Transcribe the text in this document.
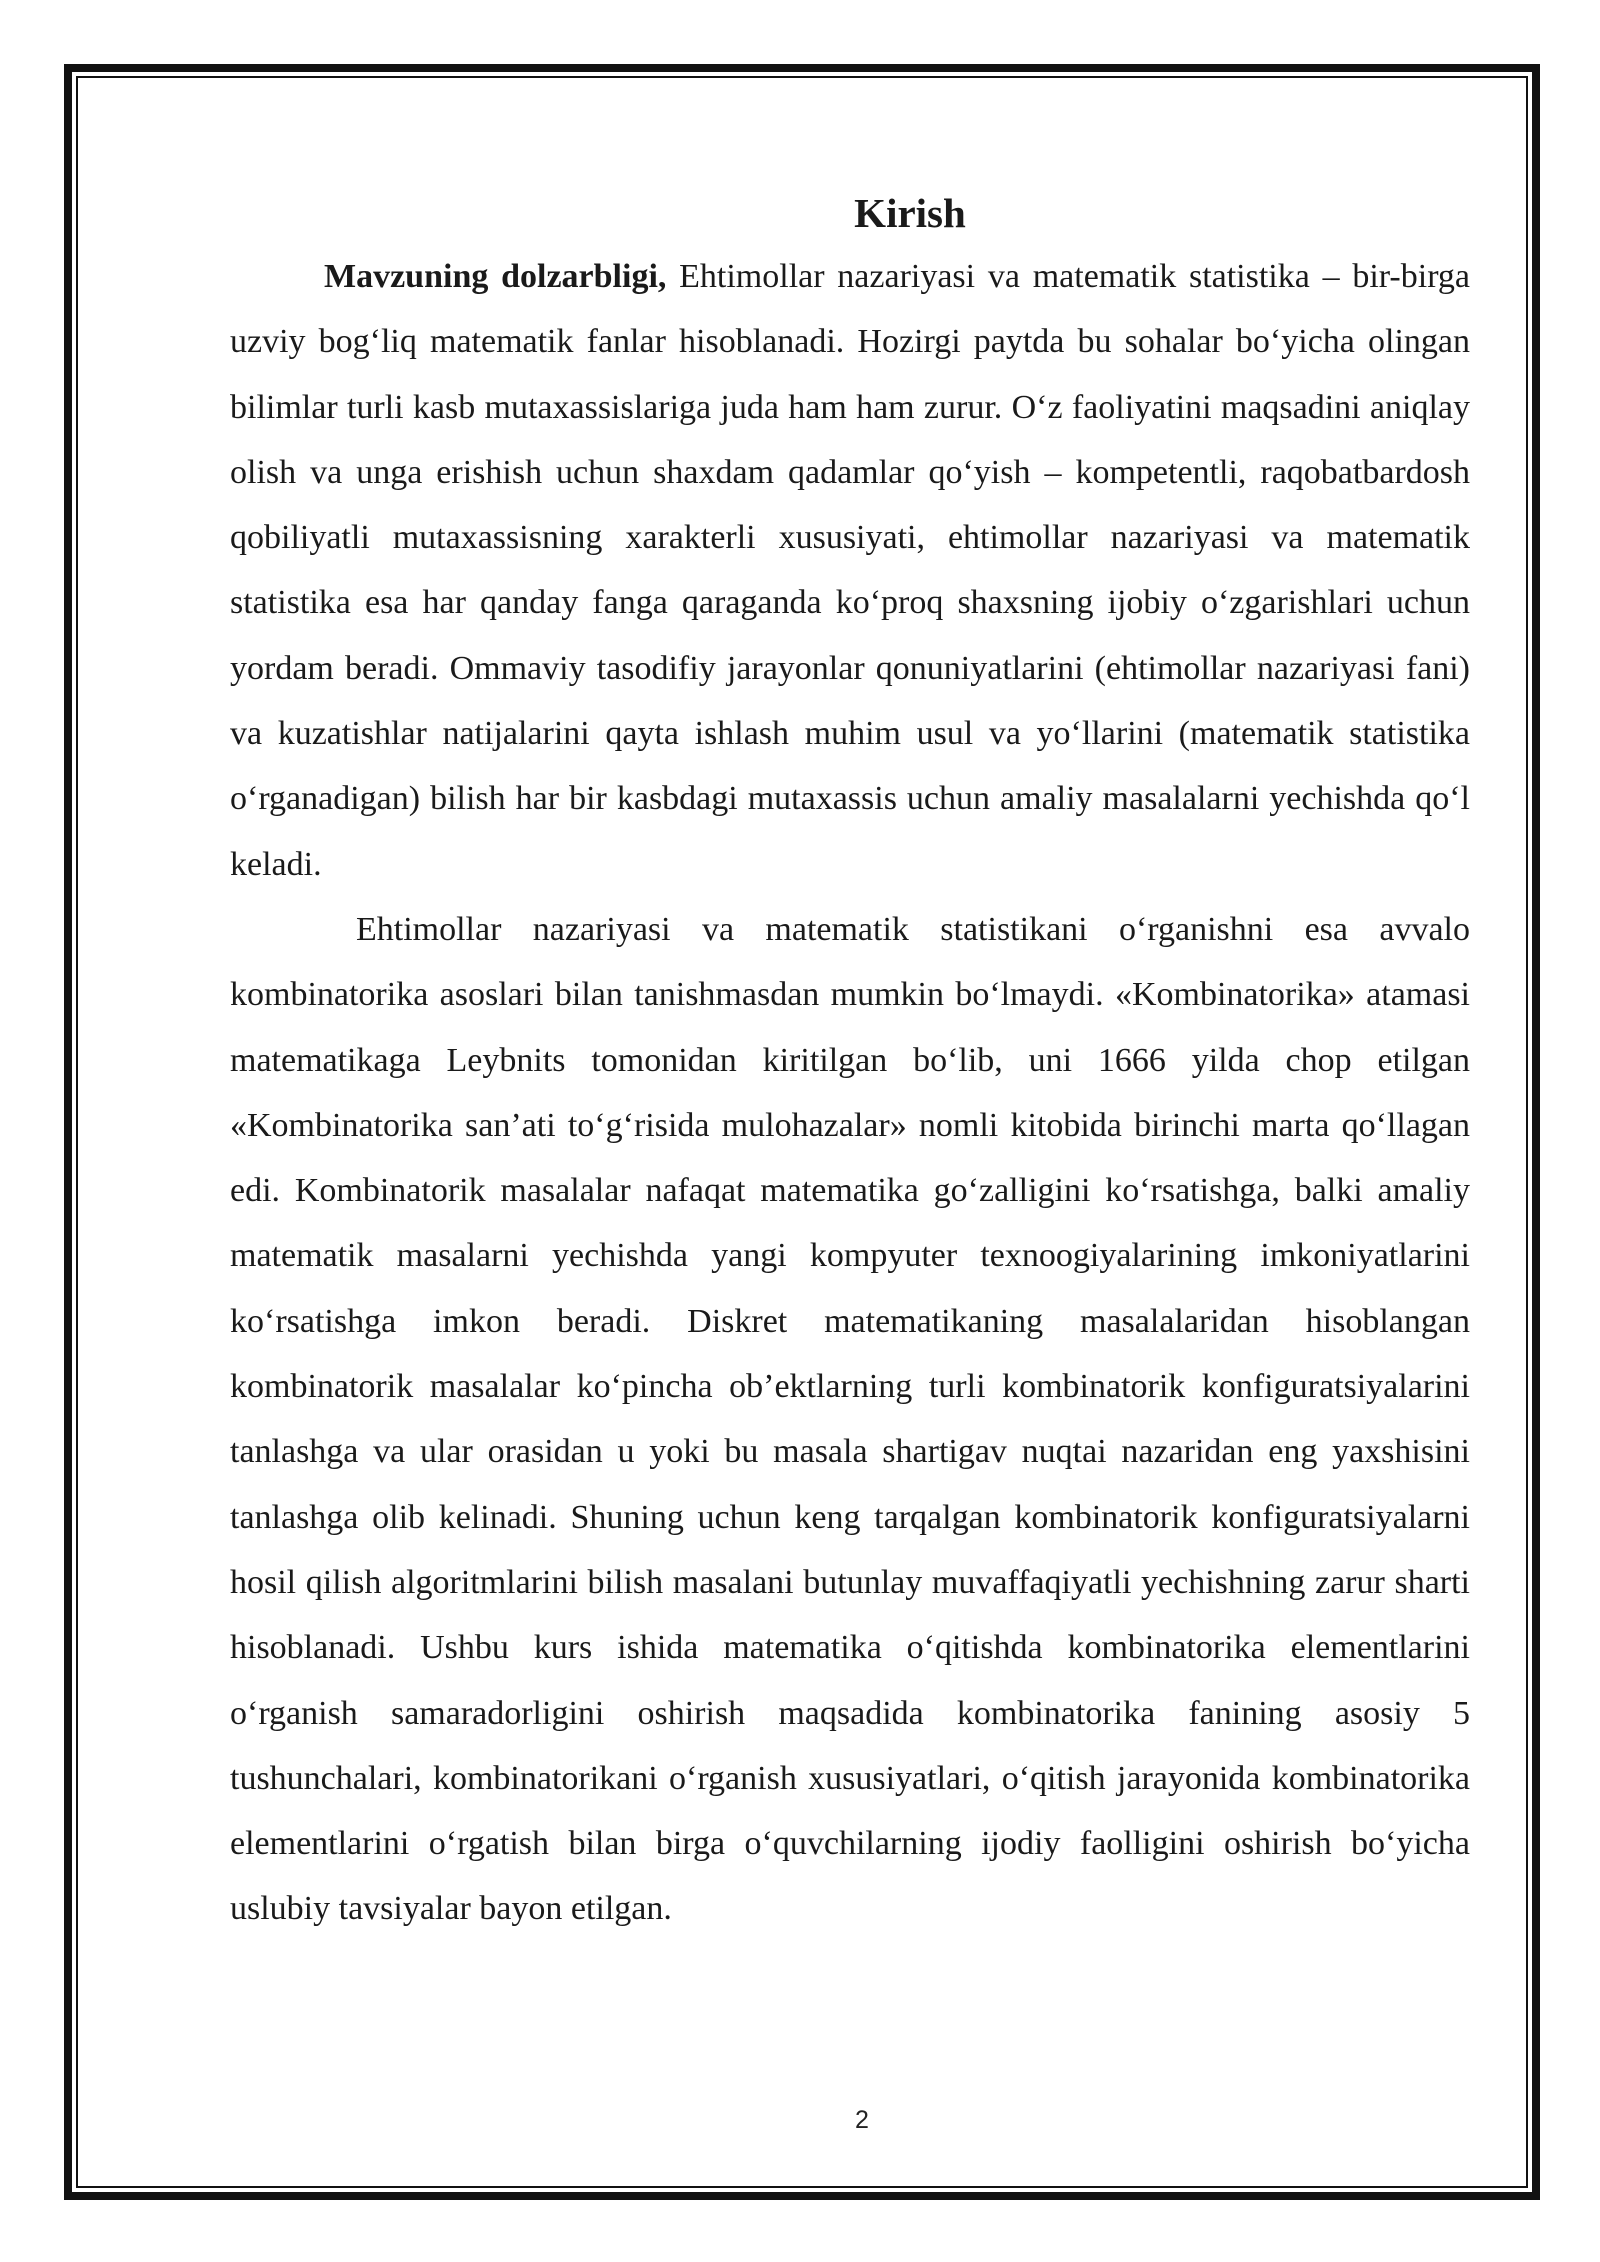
Kirish

Mavzuning dolzarbligi, Ehtimollar nazariyasi va matematik statistika – bir-birga uzviy bog‘liq matematik fanlar hisoblanadi. Hozirgi paytda bu sohalar bo‘yicha olingan bilimlar turli kasb mutaxassislariga juda ham ham zurur. O‘z faoliyatini maqsadini aniqlay olish va unga erishish uchun shaxdam qadamlar qo‘yish – kompetentli, raqobatbardosh qobiliyatli mutaxassisning xarakterli xususiyati, ehtimollar nazariyasi va matematik statistika esa har qanday fanga qaraganda ko‘proq shaxsning ijobiy o‘zgarishlari uchun yordam beradi. Ommaviy tasodifiy jarayonlar qonuniyatlarini (ehtimollar nazariyasi fani) va kuzatishlar natijalarini qayta ishlash muhim usul va yo‘llarini (matematik statistika o‘rganadigan) bilish har bir kasbdagi mutaxassis uchun amaliy masalalarni yechishda qo‘l keladi.

Ehtimollar nazariyasi va matematik statistikani o‘rganishni esa avvalo kombinatorika asoslari bilan tanishmasdan mumkin bo‘lmaydi. «Kombinatorika» atamasi matematikaga Leybnits tomonidan kiritilgan bo‘lib, uni 1666 yilda chop etilgan «Kombinatorika san’ati to‘g‘risida mulohazalar» nomli kitobida birinchi marta qo‘llagan edi. Kombinatorik masalalar nafaqat matematika go‘zalligini ko‘rsatishga, balki amaliy matematik masalarni yechishda yangi kompyuter texnoogiyalarining imkoniyatlarini ko‘rsatishga imkon beradi. Diskret matematikaning masalalaridan hisoblangan kombinatorik masalalar ko‘pincha ob’ektlarning turli kombinatorik konfiguratsiyalarini tanlashga va ular orasidan u yoki bu masala shartigav nuqtai nazaridan eng yaxshisini tanlashga olib kelinadi. Shuning uchun keng tarqalgan kombinatorik konfiguratsiyalarni hosil qilish algoritmlarini bilish masalani butunlay muvaffaqiyatli yechishning zarur sharti hisoblanadi. Ushbu kurs ishida matematika o‘qitishda kombinatorika elementlarini o‘rganish samaradorligini oshirish maqsadida kombinatorika fanining asosiy 5 tushunchalari, kombinatorikani o‘rganish xususiyatlari, o‘qitish jarayonida kombinatorika elementlarini o‘rgatish bilan birga o‘quvchilarning ijodiy faolligini oshirish bo‘yicha uslubiy tavsiyalar bayon etilgan.

2
